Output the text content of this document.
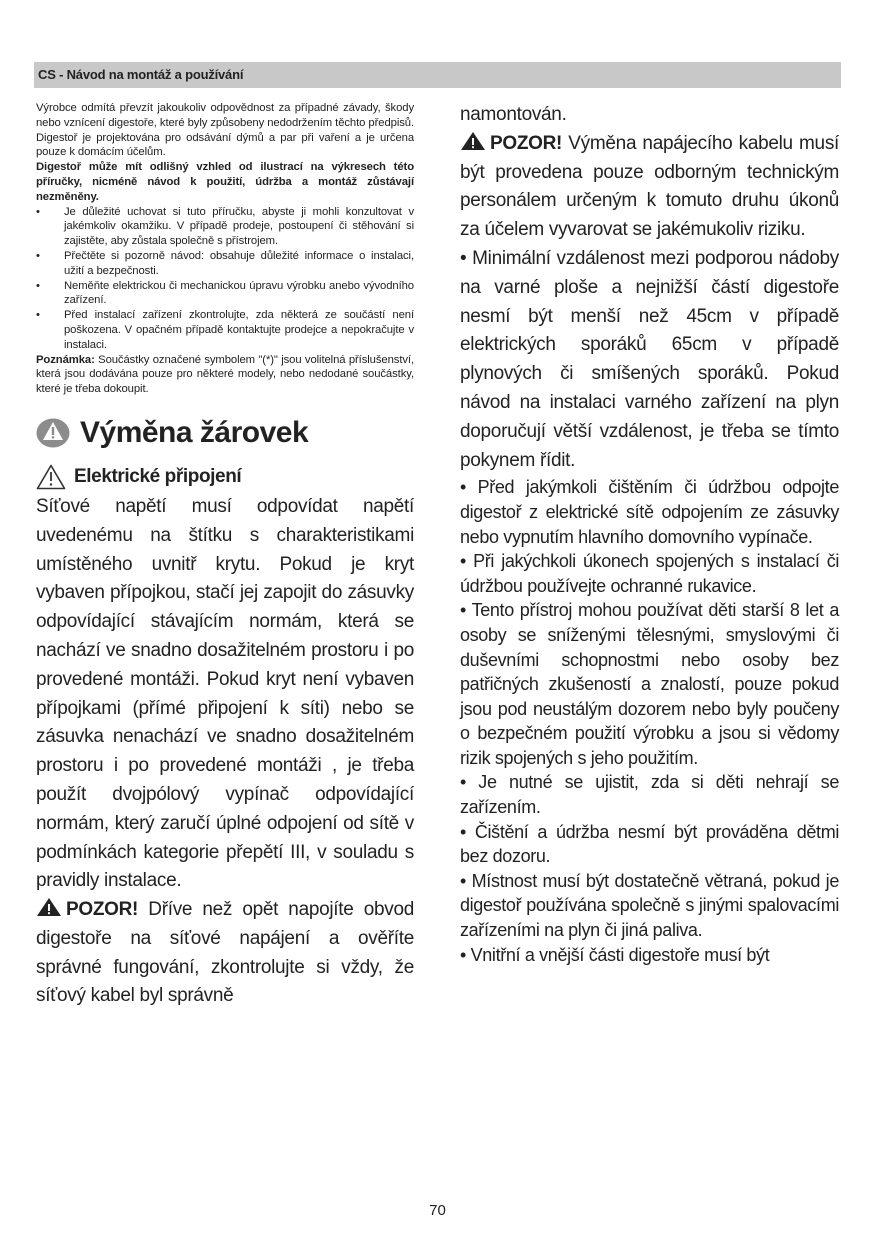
CS - Návod na montáž a používání

Výrobce odmítá převzít jakoukoliv odpovědnost za případné závady, škody nebo vznícení digestoře, které byly způsobeny nedodržením těchto předpisů. Digestoř je projektována pro odsávání dýmů a par při vaření a je určena pouze k domácím účelům.

Digestoř může mít odlišný vzhled od ilustrací na výkresech této příručky, nicméně návod k použití, údržba a montáž zůstávají nezměněny.

• Je důležité uchovat si tuto příručku, abyste ji mohli konzultovat v jakémkoliv okamžiku. V případě prodeje, postoupení či stěhování si zajistěte, aby zůstala společně s přístrojem.
• Přečtěte si pozorně návod: obsahuje důležité informace o instalaci, užití a bezpečnosti.
• Neměňte elektrickou či mechanickou úpravu výrobku anebo vývodního zařízení.
• Před instalací zařízení zkontrolujte, zda některá ze součástí není poškozena. V opačném případě kontaktujte prodejce a nepokračujte v instalaci.

Poznámka: Součástky označené symbolem "(*)" jsou volitelná příslušenství, která jsou dodávána pouze pro některé modely, nebo nedodané součástky, které je třeba dokoupit.

Výměna žárovek
Elektrické připojení

Síťové napětí musí odpovídat napětí uvedenému na štítku s charakteristikami umístěného uvnitř krytu. Pokud je kryt vybaven přípojkou, stačí jej zapojit do zásuvky odpovídající stávajícím normám, která se nachází ve snadno dosažitelném prostoru i po provedené montáži. Pokud kryt není vybaven přípojkami (přímé připojení k síti) nebo se zásuvka nenachází ve snadno dosažitelném prostoru i po provedené montáži , je třeba použít dvojpólový vypínač odpovídající normám, který zaručí úplné odpojení od sítě v podmínkách kategorie přepětí III, v souladu s pravidly instalace.

POZOR! Dříve než opět napojíte obvod digestoře na síťové napájení a ověříte správné fungování, zkontrolujte si vždy, že síťový kabel byl správně

namontován.

POZOR! Výměna napájecího kabelu musí být provedena pouze odborným technickým personálem určeným k tomuto druhu úkonů za účelem vyvarovat se jakémukoliv riziku.

• Minimální vzdálenost mezi podporou nádoby na varné ploše a nejnižší částí digestoře nesmí být menší než 45cm v případě elektrických sporáků 65cm v případě plynových či smíšených sporáků. Pokud návod na instalaci varného zařízení na plyn doporučují větší vzdálenost, je třeba se tímto pokynem řídit.

• Před jakýmkoli čištěním či údržbou odpojte digestoř z elektrické sítě odpojením ze zásuvky nebo vypnutím hlavního domovního vypínače.

• Při jakýchkoli úkonech spojených s instalací či údržbou používejte ochranné rukavice.

• Tento přístroj mohou používat děti starší 8 let a osoby se sníženými tělesnými, smyslovými či duševními schopnostmi nebo osoby bez patřičných zkušeností a znalostí, pouze pokud jsou pod neustálým dozorem nebo byly poučeny o bezpečném použití výrobku a jsou si vědomy rizik spojených s jeho použitím.

• Je nutné se ujistit, zda si děti nehrají se zařízením.

• Čištění a údržba nesmí být prováděna dětmi bez dozoru.

• Místnost musí být dostatečně větraná, pokud je digestoř používána společně s jinými spalovacími zařízeními na plyn či jiná paliva.

• Vnitřní a vnější části digestoře musí být

70
